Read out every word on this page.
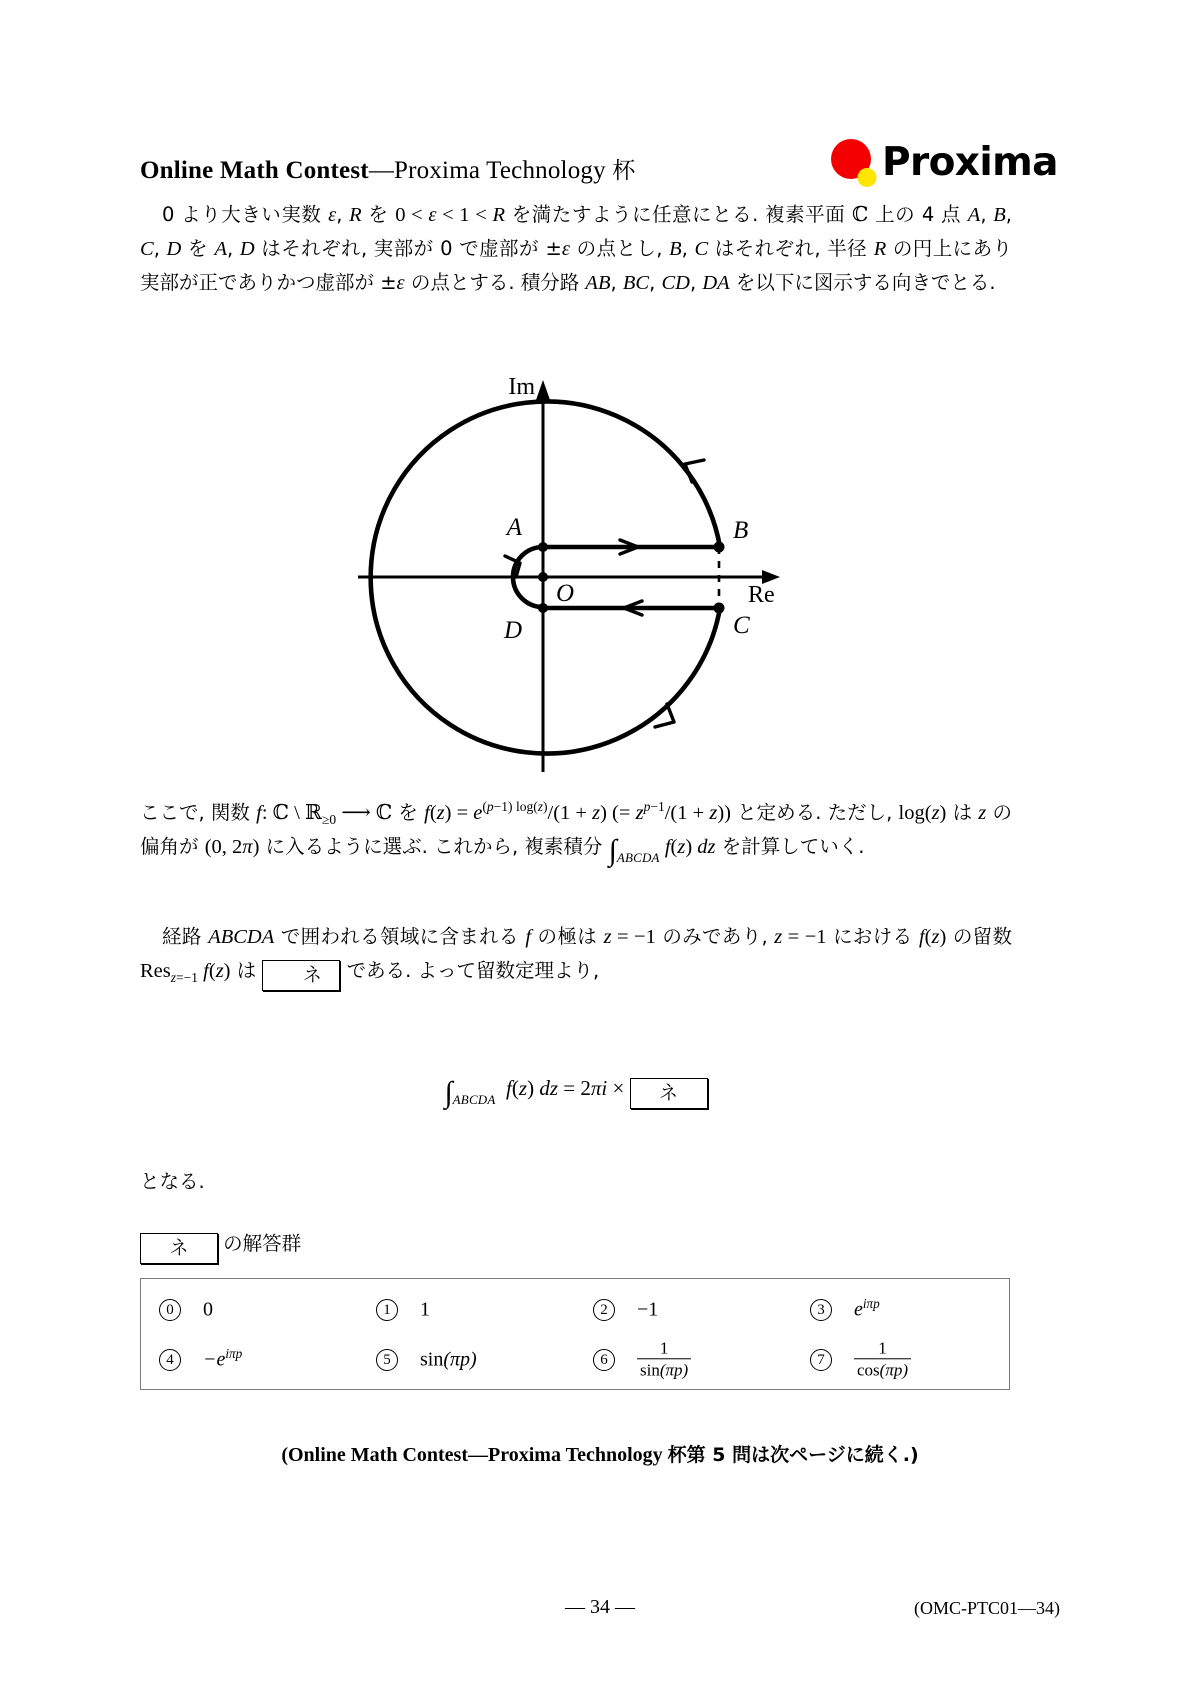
Online Math Contest—Proxima Technology 杯	Proxima
0 より大きい実数 ε, R を 0 < ε < 1 < R を満たすように任意にとる. 複素平面 ℂ 上の 4 点 A, B, C, D を A, D はそれぞれ, 実部が 0 で虚部が ±ε の点とし, B, C はそれぞれ, 半径 R の円上にあり実部が正でありかつ虚部が ±ε の点とする. 積分路 AB, BC, CD, DA を以下に図示する向きでとる.
A	B
C
D
O
Im
Re
ここで, 関数 f: ℂ \ ℝ$_{\ge 0}$ ⟶ ℂ を $f(z) = e^{(p-1) log(z)}/(1 + z)$ (= $z^{p-1}/(1 + z)$) と定める. ただし, log(z) は z の偏角が (0, 2π) に入るように選ぶ. これから, 複素積分 $\int_{ABCDA}$ f(z) dz を計算していく.
経路 ABCDA で囲われる領域に含まれる f の極は z = −1 のみであり, z = −1 における f(z) の留数 Res$_{z=-1}$ f(z) は ネ である. よって留数定理より,
$\int_{ABCDA}$ f(z) dz = 2πi × ネ
となる.
ネ の解答群
0	0	1	1	2	−1	3	$e^{i\pi p}$
4	$-e^{i\pi p}$	5	sin(πp)	6	$\frac{1}{\sin(\pi p)}$	7	$\frac{1}{\cos(\pi p)}$
(Online Math Contest—Proxima Technology 杯第 5 問は次ページに続く.)
— 34 —	(OMC-PTC01—34)
